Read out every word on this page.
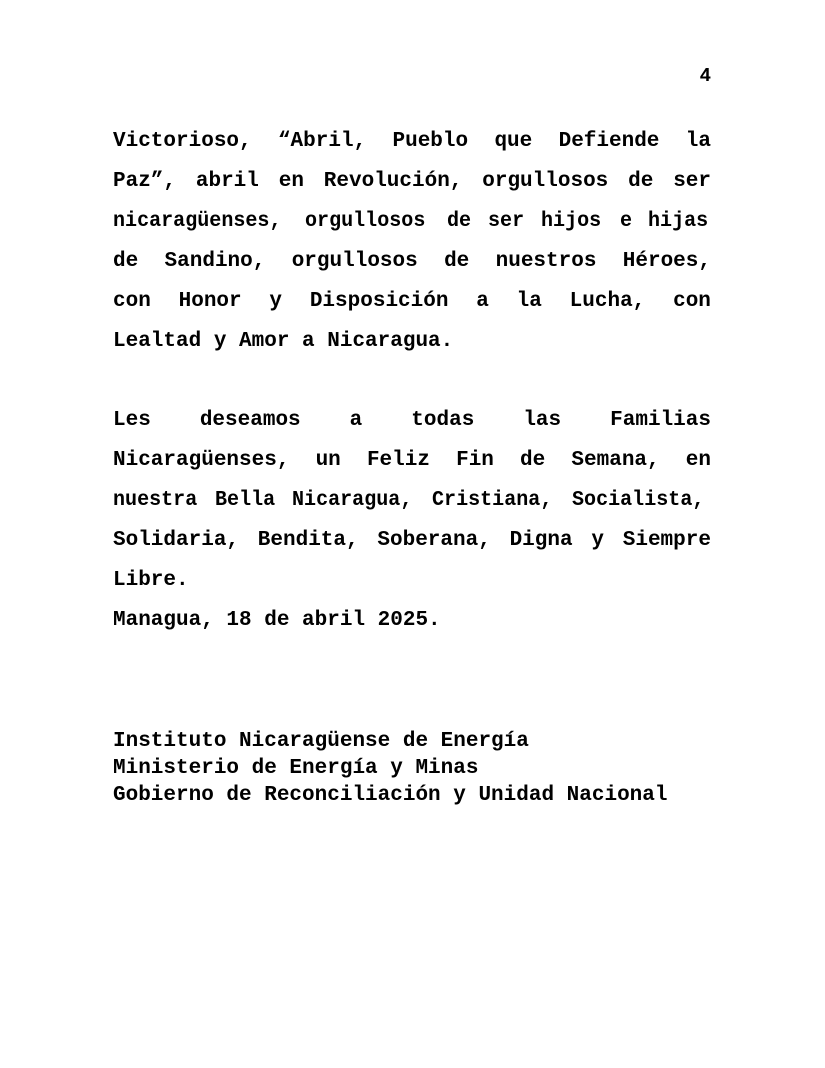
4
Victorioso, “Abril, Pueblo que Defiende la
Paz”, abril en Revolución, orgullosos de ser
nicaragüenses, orgullosos de ser hijos e hijas
de Sandino, orgullosos de nuestros Héroes,
con Honor y Disposición a la Lucha, con
Lealtad y Amor a Nicaragua.
Les deseamos a todas las Familias
Nicaragüenses, un Feliz Fin de Semana, en
nuestra Bella Nicaragua, Cristiana, Socialista,
Solidaria, Bendita, Soberana, Digna y Siempre
Libre.
Managua, 18 de abril 2025.
Instituto Nicaragüense de Energía
Ministerio de Energía y Minas
Gobierno de Reconciliación y Unidad Nacional
